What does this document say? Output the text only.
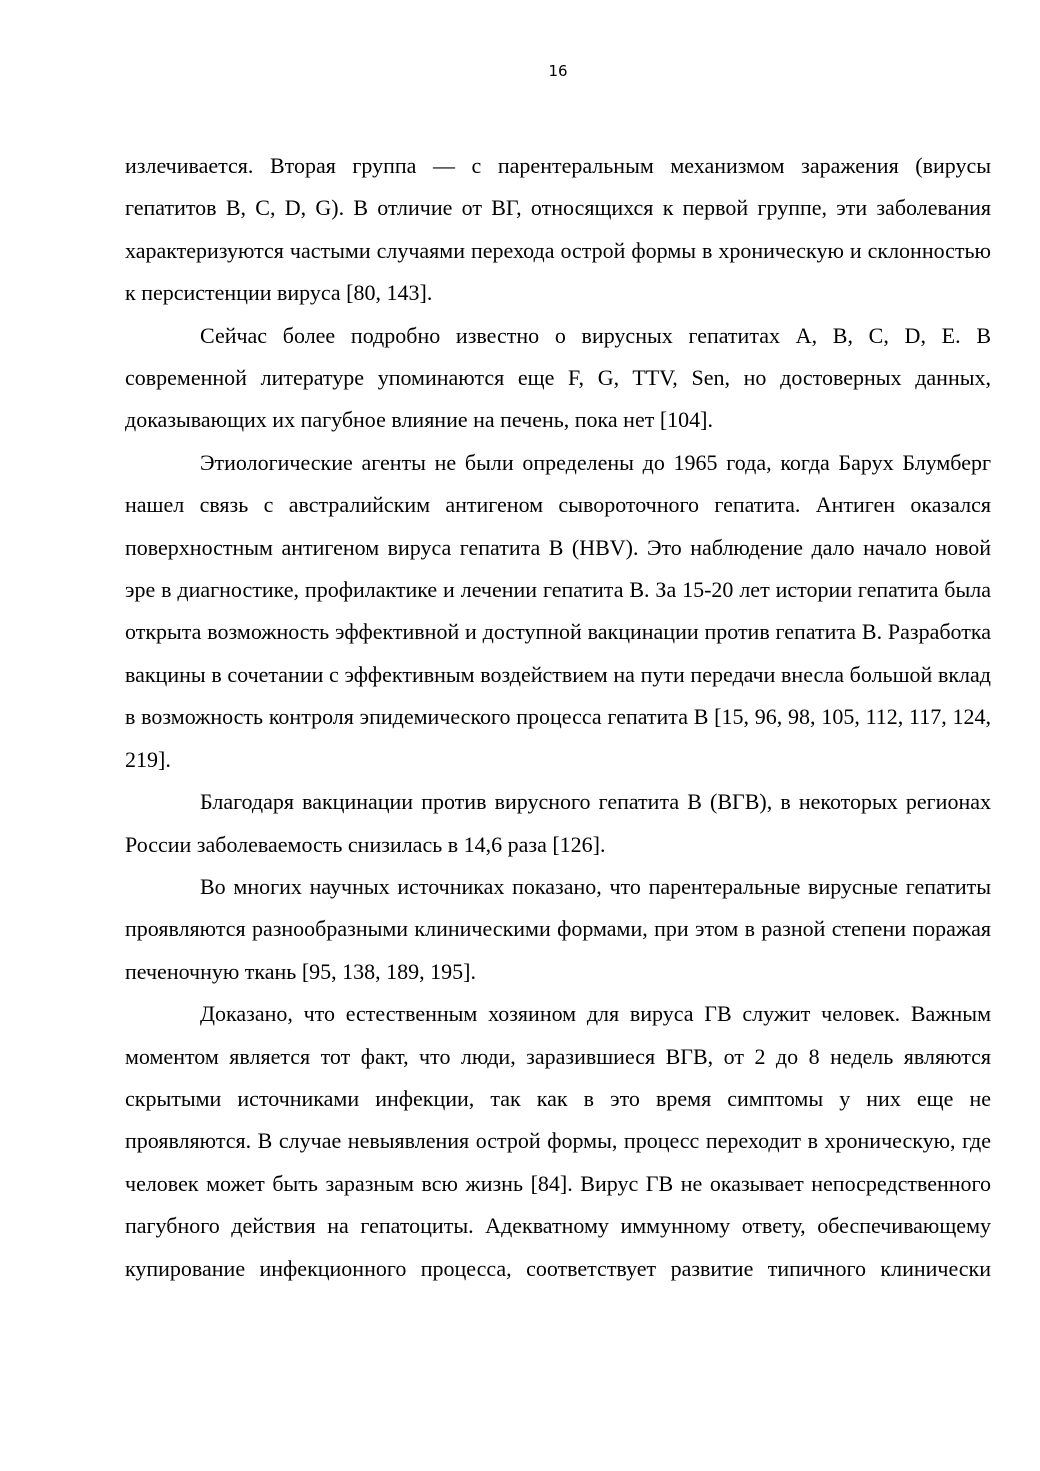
16

излечивается. Вторая группа — с парентеральным механизмом заражения (вирусы гепатитов B, C, D, G). В отличие от ВГ, относящихся к первой группе, эти заболевания характеризуются частыми случаями перехода острой формы в хроническую и склонностью к персистенции вируса [80, 143].

Сейчас более подробно известно о вирусных гепатитах A, B, C, D, E. В современной литературе упоминаются еще F, G, TTV, Sen, но достоверных данных, доказывающих их пагубное влияние на печень, пока нет [104].

Этиологические агенты не были определены до 1965 года, когда Барух Блумберг нашел связь с австралийским антигеном сывороточного гепатита. Антиген оказался поверхностным антигеном вируса гепатита В (HBV). Это наблюдение дало начало новой эре в диагностике, профилактике и лечении гепатита В. За 15-20 лет истории гепатита была открыта возможность эффективной и доступной вакцинации против гепатита В. Разработка вакцины в сочетании с эффективным воздействием на пути передачи внесла большой вклад в возможность контроля эпидемического процесса гепатита В [15, 96, 98, 105, 112, 117, 124, 219].

Благодаря вакцинации против вирусного гепатита В (ВГВ), в некоторых регионах России заболеваемость снизилась в 14,6 раза [126].

Во многих научных источниках показано, что парентеральные вирусные гепатиты проявляются разнообразными клиническими формами, при этом в разной степени поражая печеночную ткань [95, 138, 189, 195].

Доказано, что естественным хозяином для вируса ГВ служит человек. Важным моментом является тот факт, что люди, заразившиеся ВГВ, от 2 до 8 недель являются скрытыми источниками инфекции, так как в это время симптомы у них еще не проявляются. В случае невыявления острой формы, процесс переходит в хроническую, где человек может быть заразным всю жизнь [84]. Вирус ГВ не оказывает непосредственного пагубного действия на гепатоциты. Адекватному иммунному ответу, обеспечивающему купирование инфекционного процесса, соответствует развитие типичного клинически
